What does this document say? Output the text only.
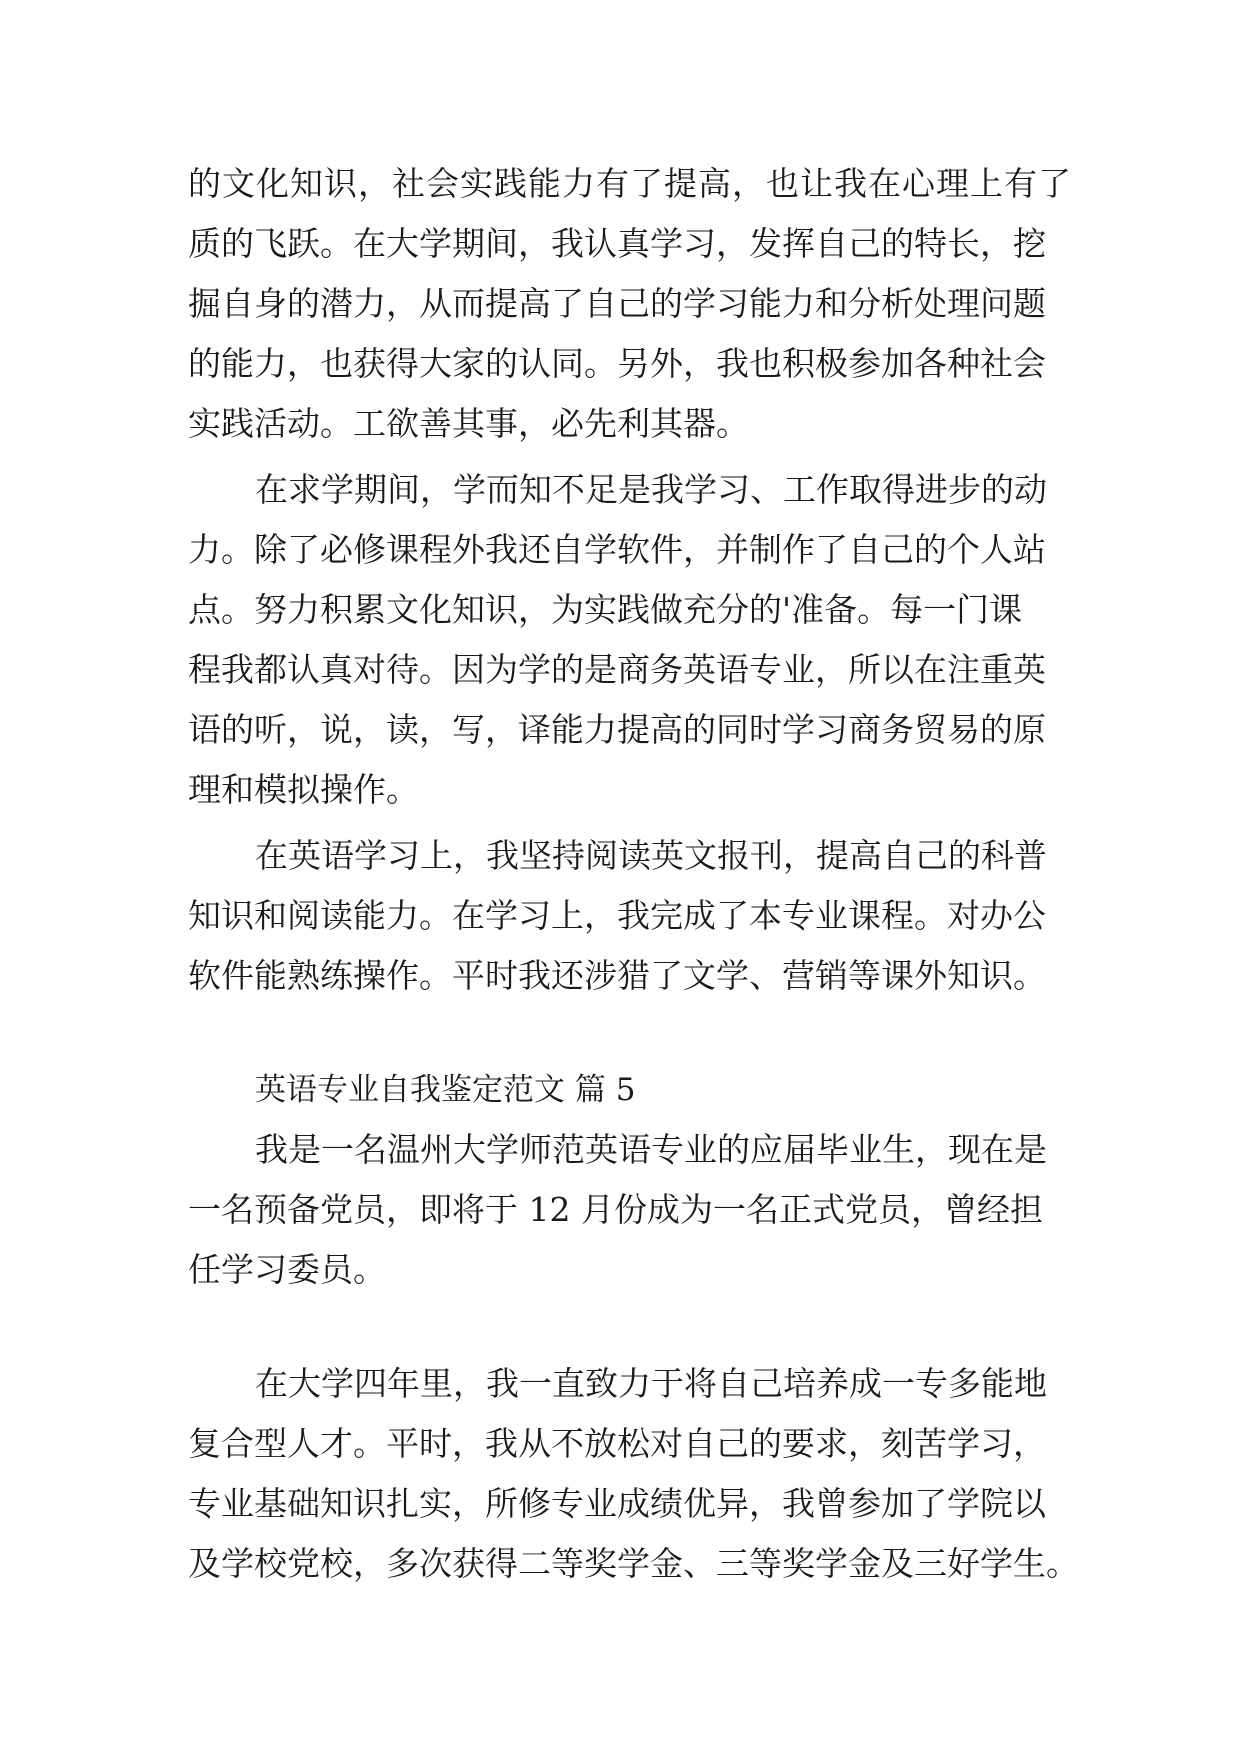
的文化知识，社会实践能力有了提高，也让我在心理上有了

质的飞跃。在大学期间，我认真学习，发挥自己的特长，挖

掘自身的潜力，从而提高了自己的学习能力和分析处理问题

的能力，也获得大家的认同。另外，我也积极参加各种社会

实践活动。工欲善其事，必先利其器。

在求学期间，学而知不足是我学习、工作取得进步的动

力。除了必修课程外我还自学软件，并制作了自己的个人站

点。努力积累文化知识，为实践做充分的'准备。每一门课

程我都认真对待。因为学的是商务英语专业，所以在注重英

语的听，说，读，写，译能力提高的同时学习商务贸易的原

理和模拟操作。

在英语学习上，我坚持阅读英文报刊，提高自己的科普

知识和阅读能力。在学习上，我完成了本专业课程。对办公

软件能熟练操作。平时我还涉猎了文学、营销等课外知识。

英语专业自我鉴定范文 篇 5

我是一名温州大学师范英语专业的应届毕业生，现在是

一名预备党员，即将于 12 月份成为一名正式党员，曾经担

任学习委员。

在大学四年里，我一直致力于将自己培养成一专多能地

复合型人才。平时，我从不放松对自己的要求，刻苦学习，

专业基础知识扎实，所修专业成绩优异，我曾参加了学院以

及学校党校，多次获得二等奖学金、三等奖学金及三好学生。
